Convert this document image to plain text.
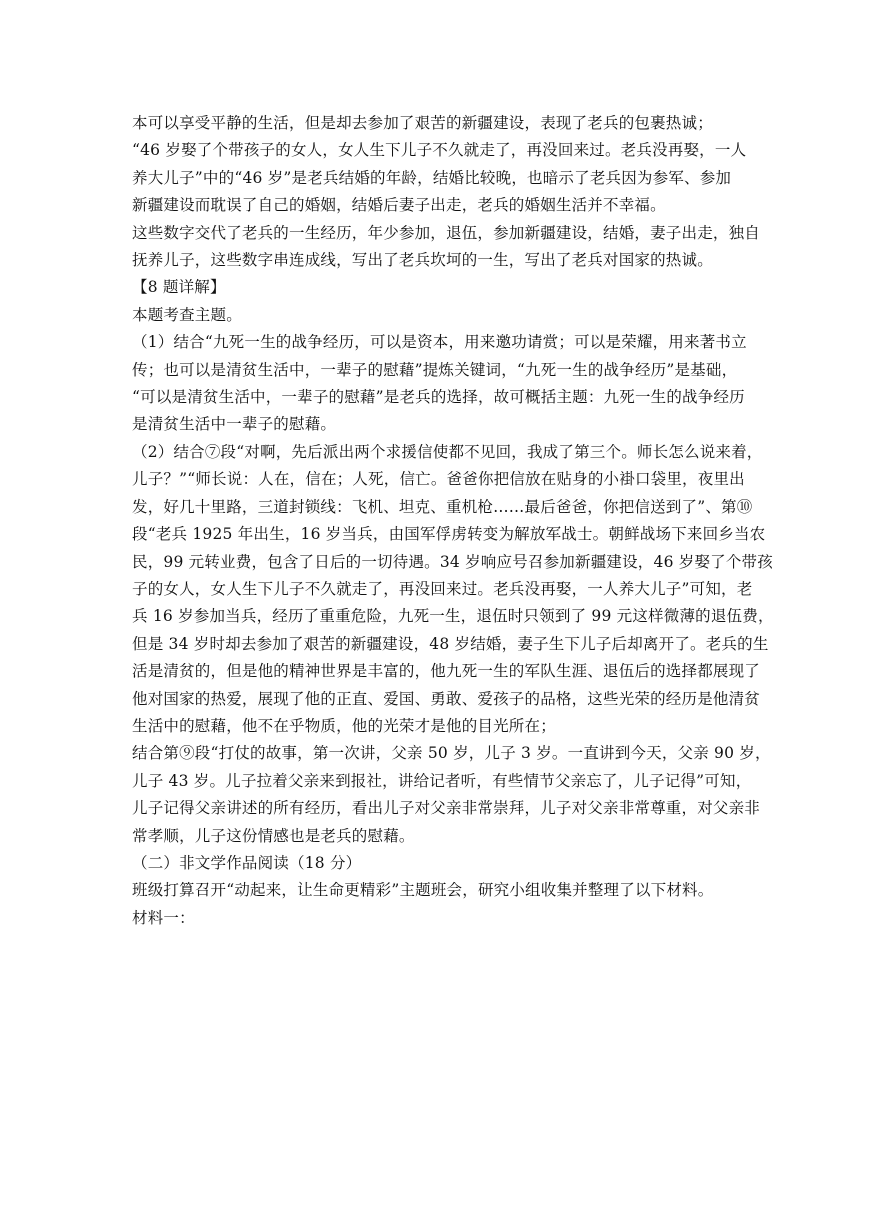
本可以享受平静的生活，但是却去参加了艰苦的新疆建设，表现了老兵的包裹热诚；

“46 岁娶了个带孩子的女人，女人生下儿子不久就走了，再没回来过。老兵没再娶，一人
养大儿子”中的“46 岁”是老兵结婚的年龄，结婚比较晚，也暗示了老兵因为参军、参加
新疆建设而耽误了自己的婚姻，结婚后妻子出走，老兵的婚姻生活并不幸福。

这些数字交代了老兵的一生经历，年少参加，退伍，参加新疆建设，结婚，妻子出走，独自
抚养儿子，这些数字串连成线，写出了老兵坎坷的一生，写出了老兵对国家的热诚。

【8 题详解】

本题考查主题。

（1）结合“九死一生的战争经历，可以是资本，用来邀功请赏；可以是荣耀，用来著书立
传；也可以是清贫生活中，一辈子的慰藉”提炼关键词，“九死一生的战争经历”是基础，
“可以是清贫生活中，一辈子的慰藉”是老兵的选择，故可概括主题：九死一生的战争经历
是清贫生活中一辈子的慰藉。

（2）结合⑦段“对啊，先后派出两个求援信使都不见回，我成了第三个。师长怎么说来着，
儿子？”“师长说：人在，信在；人死，信亡。爸爸你把信放在贴身的小褂口袋里，夜里出
发，好几十里路，三道封锁线：飞机、坦克、重机枪……最后爸爸，你把信送到了”、第⑩
段“老兵 1925 年出生，16 岁当兵，由国军俘虏转变为解放军战士。朝鲜战场下来回乡当农
民，99 元转业费，包含了日后的一切待遇。34 岁响应号召参加新疆建设，46 岁娶了个带孩
子的女人，女人生下儿子不久就走了，再没回来过。老兵没再娶，一人养大儿子”可知，老
兵 16 岁参加当兵，经历了重重危险，九死一生，退伍时只领到了 99 元这样微薄的退伍费，
但是 34 岁时却去参加了艰苦的新疆建设，48 岁结婚，妻子生下儿子后却离开了。老兵的生
活是清贫的，但是他的精神世界是丰富的，他九死一生的军队生涯、退伍后的选择都展现了
他对国家的热爱，展现了他的正直、爱国、勇敢、爱孩子的品格，这些光荣的经历是他清贫
生活中的慰藉，他不在乎物质，他的光荣才是他的目光所在；

结合第⑨段“打仗的故事，第一次讲，父亲 50 岁，儿子 3 岁。一直讲到今天，父亲 90 岁，
儿子 43 岁。儿子拉着父亲来到报社，讲给记者听，有些情节父亲忘了，儿子记得”可知，
儿子记得父亲讲述的所有经历，看出儿子对父亲非常崇拜，儿子对父亲非常尊重，对父亲非
常孝顺，儿子这份情感也是老兵的慰藉。

（二）非文学作品阅读（18 分）

班级打算召开“动起来，让生命更精彩”主题班会，研究小组收集并整理了以下材料。

材料一：
